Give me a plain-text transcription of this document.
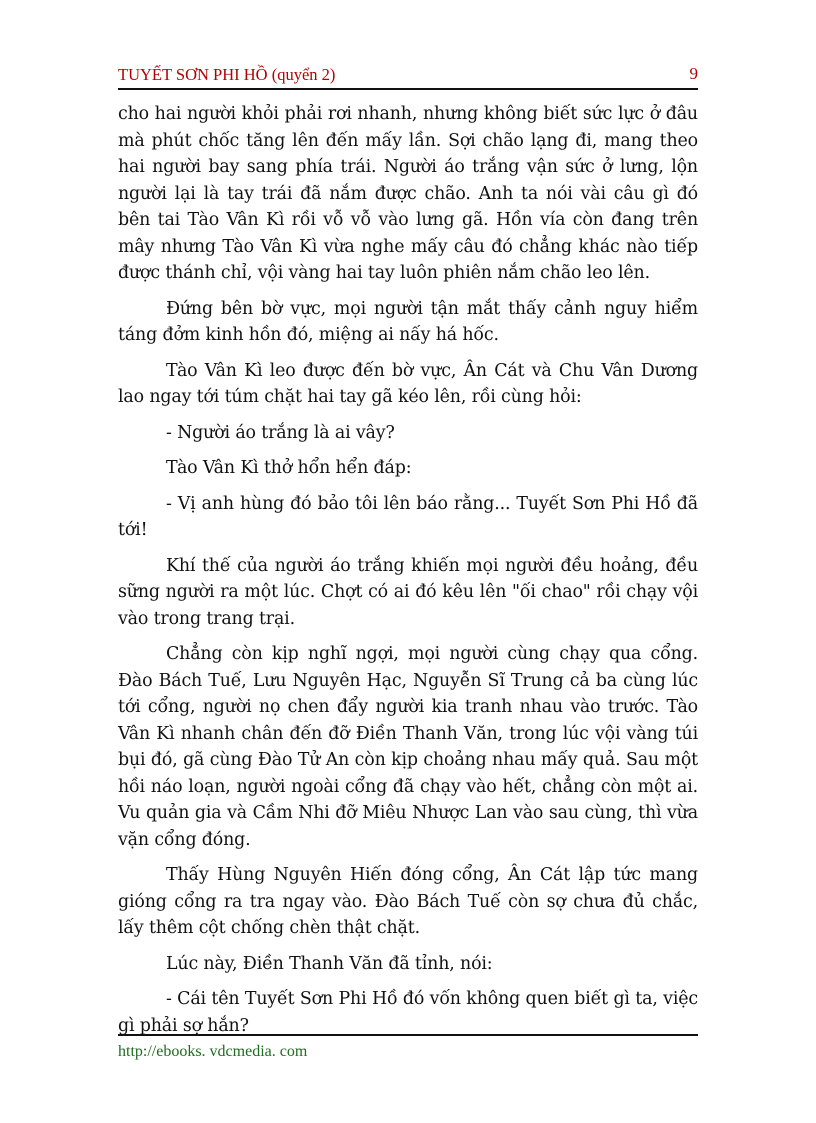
TUYẾT SƠN PHI HỒ (quyển 2)	9

cho hai người khỏi phải rơi nhanh, nhưng không biết sức lực ở đâu mà phút chốc tăng lên đến mấy lần. Sợi chão lạng đi, mang theo hai người bay sang phía trái. Người áo trắng vận sức ở lưng, lộn người lại là tay trái đã nắm được chão. Anh ta nói vài câu gì đó bên tai Tào Vân Kì rồi vỗ vỗ vào lưng gã. Hồn vía còn đang trên mây nhưng Tào Vân Kì vừa nghe mấy câu đó chẳng khác nào tiếp được thánh chỉ, vội vàng hai tay luôn phiên nắm chão leo lên.

Đứng bên bờ vực, mọi người tận mắt thấy cảnh nguy hiểm táng đởm kinh hồn đó, miệng ai nấy há hốc.

Tào Vân Kì leo được đến bờ vực, Ân Cát và Chu Vân Dương lao ngay tới túm chặt hai tay gã kéo lên, rồi cùng hỏi:

- Người áo trắng là ai vây?

Tào Vân Kì thở hổn hển đáp:

- Vị anh hùng đó bảo tôi lên báo rằng... Tuyết Sơn Phi Hồ đã tới!

Khí thế của người áo trắng khiến mọi người đều hoảng, đều sững người ra một lúc. Chợt có ai đó kêu lên "ối chao" rồi chạy vội vào trong trang trại.

Chẳng còn kịp nghĩ ngợi, mọi người cùng chạy qua cổng. Đào Bách Tuế, Lưu Nguyên Hạc, Nguyễn Sĩ Trung cả ba cùng lúc tới cổng, người nọ chen đẩy người kia tranh nhau vào trước. Tào Vân Kì nhanh chân đến đỡ Điền Thanh Văn, trong lúc vội vàng túi bụi đó, gã cùng Đào Tử An còn kịp choảng nhau mấy quả. Sau một hồi náo loạn, người ngoài cổng đã chạy vào hết, chẳng còn một ai. Vu quản gia và Cầm Nhi đỡ Miêu Nhược Lan vào sau cùng, thì vừa vặn cổng đóng.

Thấy Hùng Nguyên Hiến đóng cổng, Ân Cát lập tức mang gióng cổng ra tra ngay vào. Đào Bách Tuế còn sợ chưa đủ chắc, lấy thêm cột chống chèn thật chặt.

Lúc này, Điền Thanh Văn đã tỉnh, nói:

- Cái tên Tuyết Sơn Phi Hồ đó vốn không quen biết gì ta, việc gì phải sợ hắn?

http://ebooks. vdcmedia. com
